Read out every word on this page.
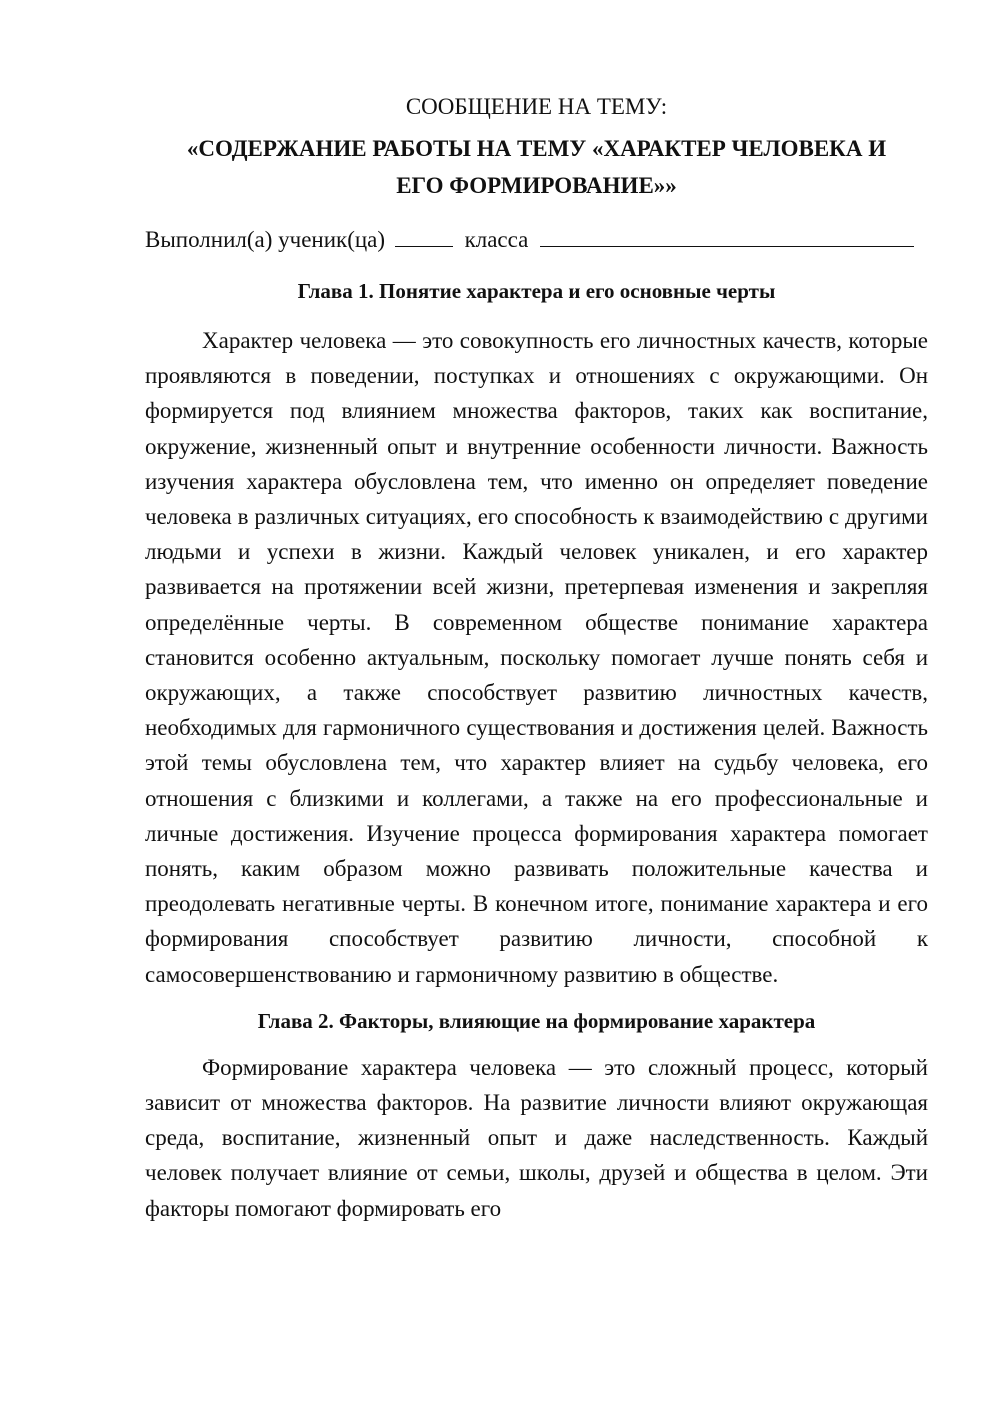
СООБЩЕНИЕ НА ТЕМУ:

«СОДЕРЖАНИЕ РАБОТЫ НА ТЕМУ «ХАРАКТЕР ЧЕЛОВЕКА И

ЕГО ФОРМИРОВАНИЕ»»

Выполнил(а) ученик(ца)	класса
Глава 1. Понятие характера и его основные черты

Характер человека — это совокупность его личностных качеств, которые проявляются в поведении, поступках и отношениях с окружающими. Он формируется под влиянием множества факторов, таких как воспитание, окружение, жизненный опыт и внутренние особенности личности. Важность изучения характера обусловлена тем, что именно он определяет поведение человека в различных ситуациях, его способность к взаимодействию с другими людьми и успехи в жизни. Каждый человек уникален, и его характер развивается на протяжении всей жизни, претерпевая изменения и закрепляя определённые черты. В современном обществе понимание характера становится особенно актуальным, поскольку помогает лучше понять себя и окружающих, а также способствует развитию личностных качеств, необходимых для гармоничного существования и достижения целей. Важность этой темы обусловлена тем, что характер влияет на судьбу человека, его отношения с близкими и коллегами, а также на его профессиональные и личные достижения. Изучение процесса формирования характера помогает понять, каким образом можно развивать положительные качества и преодолевать негативные черты. В конечном итоге, понимание характера и его формирования способствует развитию личности, способной к самосовершенствованию и гармоничному развитию в обществе.

Глава 2. Факторы, влияющие на формирование характера

Формирование характера человека — это сложный процесс, который зависит от множества факторов. На развитие личности влияют окружающая среда, воспитание, жизненный опыт и даже наследственность. Каждый человек получает влияние от семьи, школы, друзей и общества в целом. Эти факторы помогают формировать его
